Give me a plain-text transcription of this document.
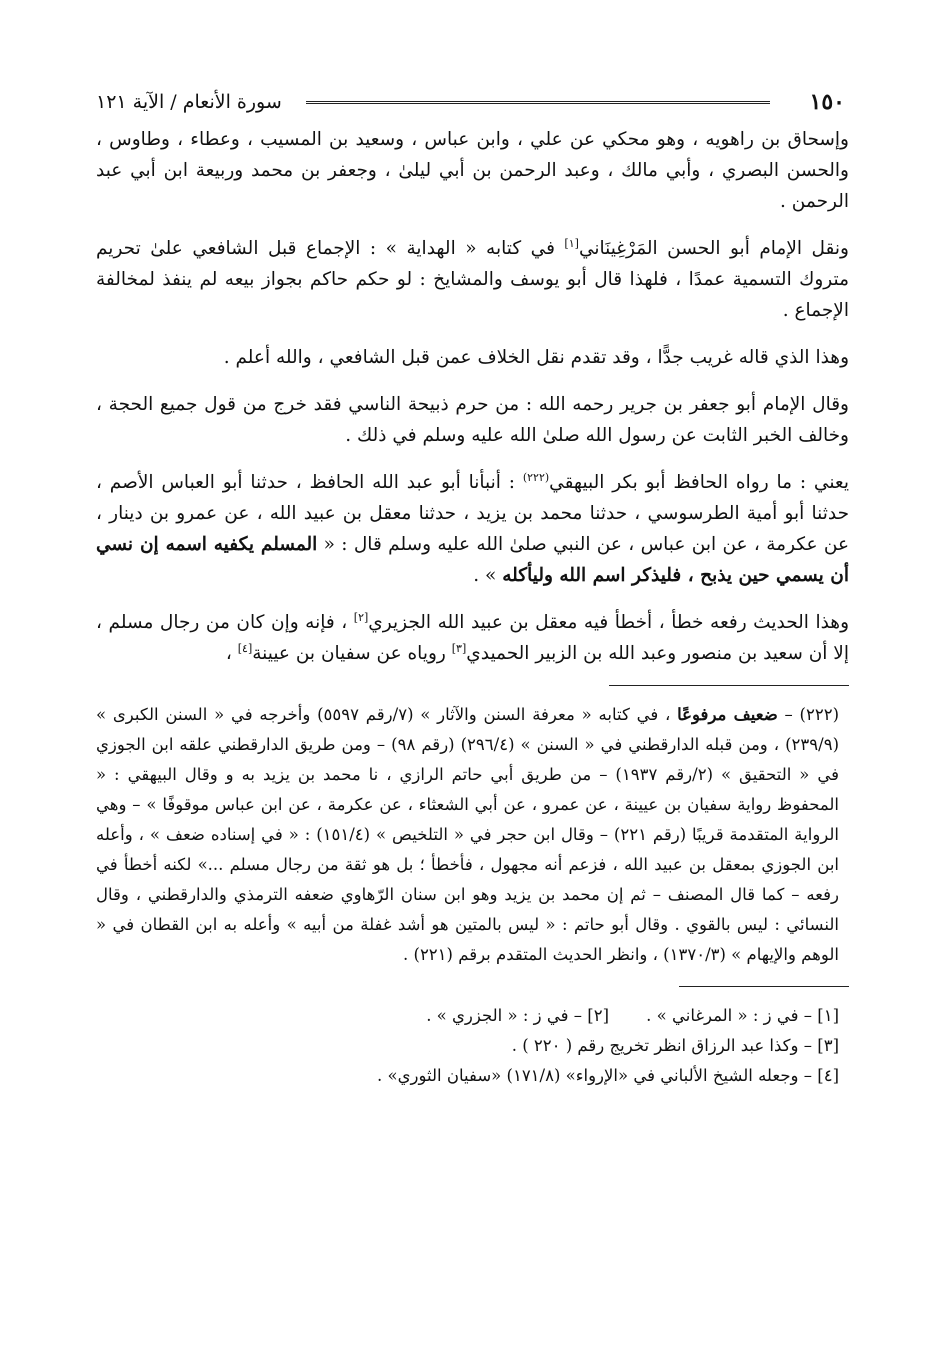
سورة الأنعام / الآية ١٢١	١٥٠

وإسحاق بن راهويه ، وهو محكي عن علي ، وابن عباس ، وسعيد بن المسيب ، وعطاء ، وطاوس ، والحسن البصري ، وأبي مالك ، وعبد الرحمن بن أبي ليلىٰ ، وجعفر بن محمد وربيعة ابن أبي عبد الرحمن .

ونقل الإمام أبو الحسن المَرْغِينَاني[١] في كتابه « الهداية » : الإجماع قبل الشافعي علىٰ تحريم متروك التسمية عمدًا ، فلهذا قال أبو يوسف والمشايخ : لو حكم حاكم بجواز بيعه لم ينفذ لمخالفة الإجماع .

وهذا الذي قاله غريب جدًّا ، وقد تقدم نقل الخلاف عمن قبل الشافعي ، والله أعلم .

وقال الإمام أبو جعفر بن جرير رحمه الله : من حرم ذبيحة الناسي فقد خرج من قول جميع الحجة ، وخالف الخبر الثابت عن رسول الله صلىٰ الله عليه وسلم في ذلك .

يعني : ما رواه الحافظ أبو بكر البيهقي$^{(٢٢٢)}$ : أنبأنا أبو عبد الله الحافظ ، حدثنا أبو العباس الأصم ، حدثنا أبو أمية الطرسوسي ، حدثنا محمد بن يزيد ، حدثنا معقل بن عبيد الله ، عن عمرو بن دينار ، عن عكرمة ، عن ابن عباس ، عن النبي صلىٰ الله عليه وسلم قال : « المسلم يكفيه اسمه إن نسي أن يسمي حين يذبح ، فليذكر اسم الله وليأكله » .

وهذا الحديث رفعه خطأ ، أخطأ فيه معقل بن عبيد الله الجزيري[٢] ، فإنه وإن كان من رجال مسلم ، إلا أن سعيد بن منصور وعبد الله بن الزبير الحميدي[٣] روياه عن سفيان بن عيينة[٤] ،

(٢٢٢) – ضعيف مرفوعًا ، في كتابه « معرفة السنن والآثار » (٧/رقم ٥٥٩٧) وأخرجه في « السنن الكبرى » (٢٣٩/٩) ، ومن قبله الدارقطني في « السنن » (٢٩٦/٤) (رقم ٩٨) – ومن طريق الدارقطني علقه ابن الجوزي في « التحقيق » (٢/رقم ١٩٣٧) – من طريق أبي حاتم الرازي ، نا محمد بن يزيد به و وقال البيهقي : « المحفوظ رواية سفيان بن عيينة ، عن عمرو ، عن أبي الشعثاء ، عن عكرمة ، عن ابن عباس موقوفًا » – وهي الرواية المتقدمة قريبًا (رقم ٢٢١) – وقال ابن حجر في « التلخيص » (١٥١/٤) : « في إسناده ضعف » ، وأعله ابن الجوزي بمعقل بن عبيد الله ، فزعم أنه مجهول ، فأخطأ ؛ بل هو ثقة من رجال مسلم ...» لكنه أخطأ في رفعه – كما قال المصنف – ثم إن محمد بن يزيد وهو ابن سنان الرّهاوي ضعفه الترمذي والدارقطني ، وقال النسائي : ليس بالقوي . وقال أبو حاتم : « ليس بالمتين هو أشد غفلة من أبيه » وأعله به ابن القطان في « الوهم والإيهام » (١٣٧٠/٣) ، وانظر الحديث المتقدم برقم (٢٢١) .

[١] – في ز : « المرغاني » .
[٢] – في ز : « الجزري » .
[٣] – وكذا عبد الرزاق انظر تخريج رقم ( ٢٢٠ ) .
[٤] – وجعله الشيخ الألباني في «الإرواء» (١٧١/٨) «سفيان الثوري» .
